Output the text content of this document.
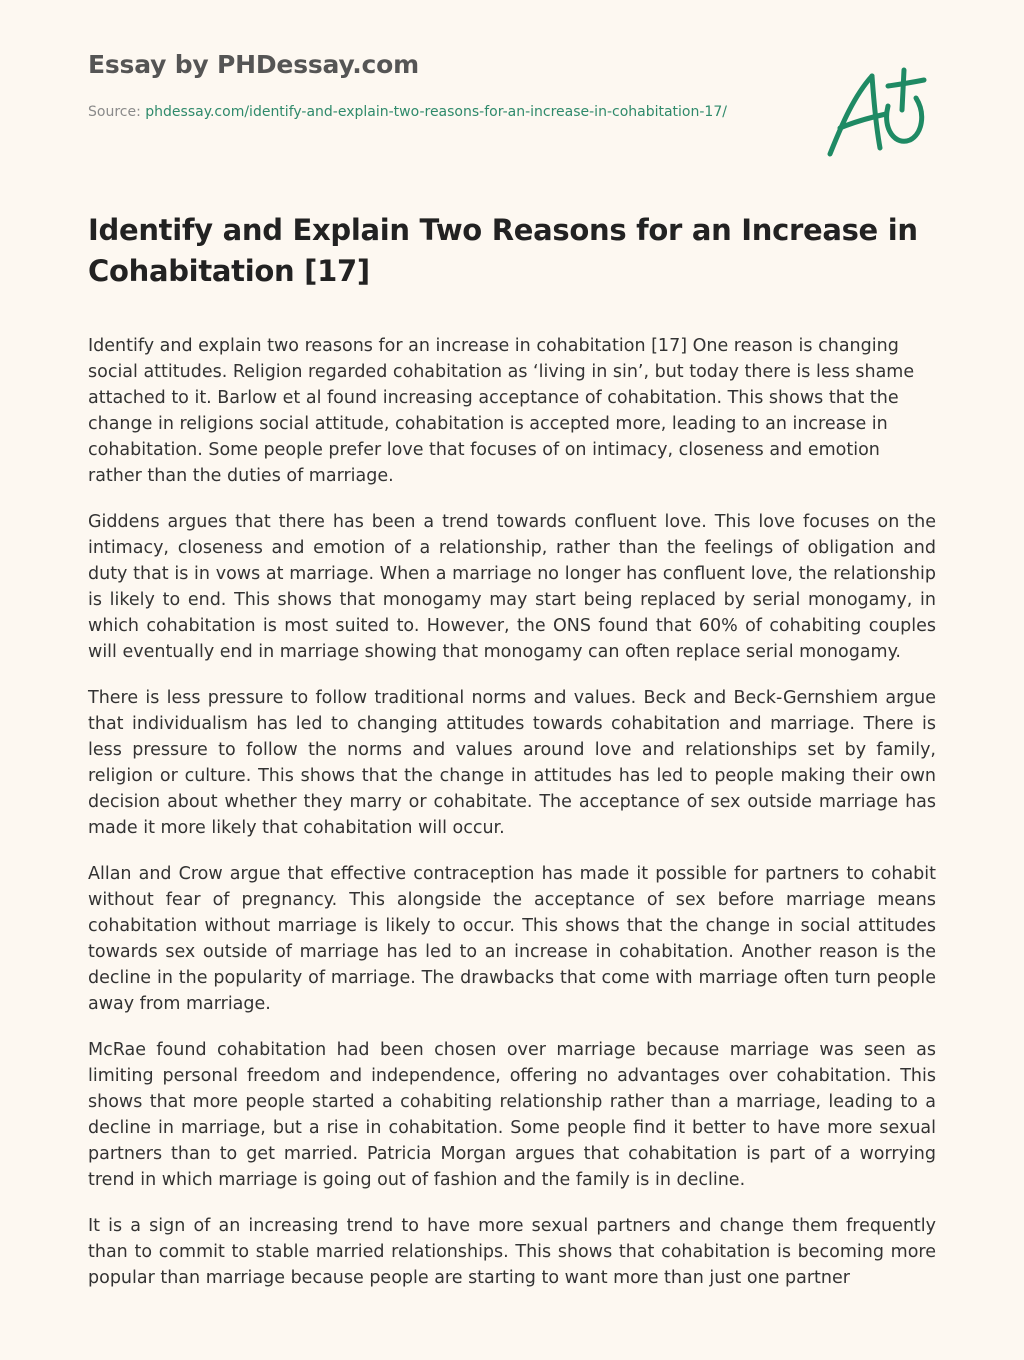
Essay by PHDessay.com
Source: phdessay.com/identify-and-explain-two-reasons-for-an-increase-in-cohabitation-17/
Identify and Explain Two Reasons for an Increase in Cohabitation [17]

Identify and explain two reasons for an increase in cohabitation [17] One reason is changing social attitudes. Religion regarded cohabitation as ‘living in sin’, but today there is less shame attached to it. Barlow et al found increasing acceptance of cohabitation. This shows that the change in religions social attitude, cohabitation is accepted more, leading to an increase in cohabitation. Some people prefer love that focuses of on intimacy, closeness and emotion rather than the duties of marriage.

Giddens argues that there has been a trend towards confluent love. This love focuses on the intimacy, closeness and emotion of a relationship, rather than the feelings of obligation and duty that is in vows at marriage. When a marriage no longer has confluent love, the relationship is likely to end. This shows that monogamy may start being replaced by serial monogamy, in which cohabitation is most suited to. However, the ONS found that 60% of cohabiting couples will eventually end in marriage showing that monogamy can often replace serial monogamy.

There is less pressure to follow traditional norms and values. Beck and Beck-Gernshiem argue that individualism has led to changing attitudes towards cohabitation and marriage. There is less pressure to follow the norms and values around love and relationships set by family, religion or culture. This shows that the change in attitudes has led to people making their own decision about whether they marry or cohabitate. The acceptance of sex outside marriage has made it more likely that cohabitation will occur.

Allan and Crow argue that effective contraception has made it possible for partners to cohabit without fear of pregnancy. This alongside the acceptance of sex before marriage means cohabitation without marriage is likely to occur. This shows that the change in social attitudes towards sex outside of marriage has led to an increase in cohabitation. Another reason is the decline in the popularity of marriage. The drawbacks that come with marriage often turn people away from marriage.

McRae found cohabitation had been chosen over marriage because marriage was seen as limiting personal freedom and independence, offering no advantages over cohabitation. This shows that more people started a cohabiting relationship rather than a marriage, leading to a decline in marriage, but a rise in cohabitation. Some people find it better to have more sexual partners than to get married. Patricia Morgan argues that cohabitation is part of a worrying trend in which marriage is going out of fashion and the family is in decline.

It is a sign of an increasing trend to have more sexual partners and change them frequently than to commit to stable married relationships. This shows that cohabitation is becoming more popular than marriage because people are starting to want more than just one partner
